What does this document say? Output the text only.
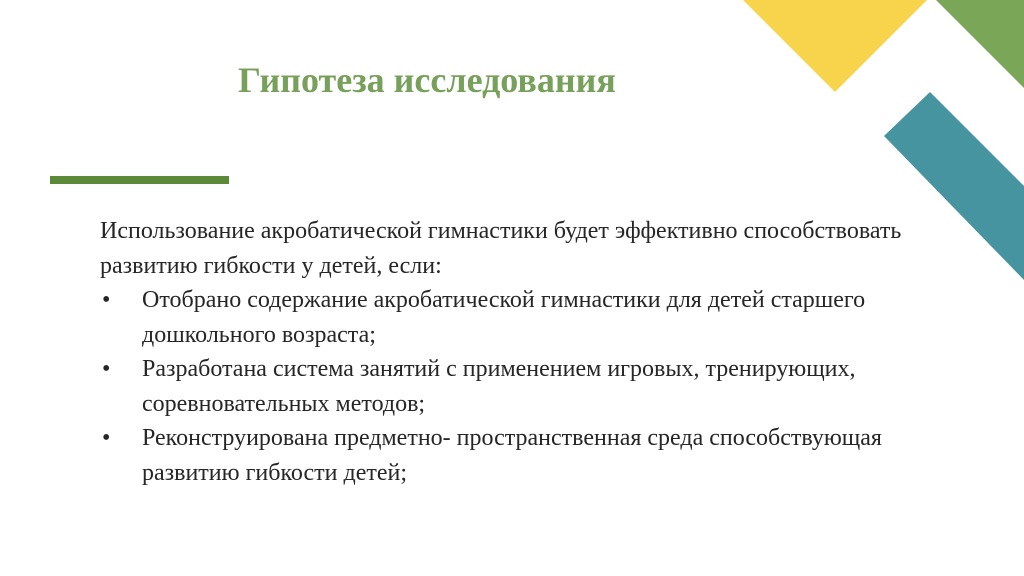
Гипотеза исследования

Использование акробатической гимнастики будет эффективно способствовать развитию гибкости у детей, если:

• Отобрано содержание акробатической гимнастики для детей старшего дошкольного возраста;
• Разработана система занятий с применением игровых, тренирующих, соревновательных методов;
• Реконструирована предметно- пространственная среда способствующая развитию гибкости детей;
